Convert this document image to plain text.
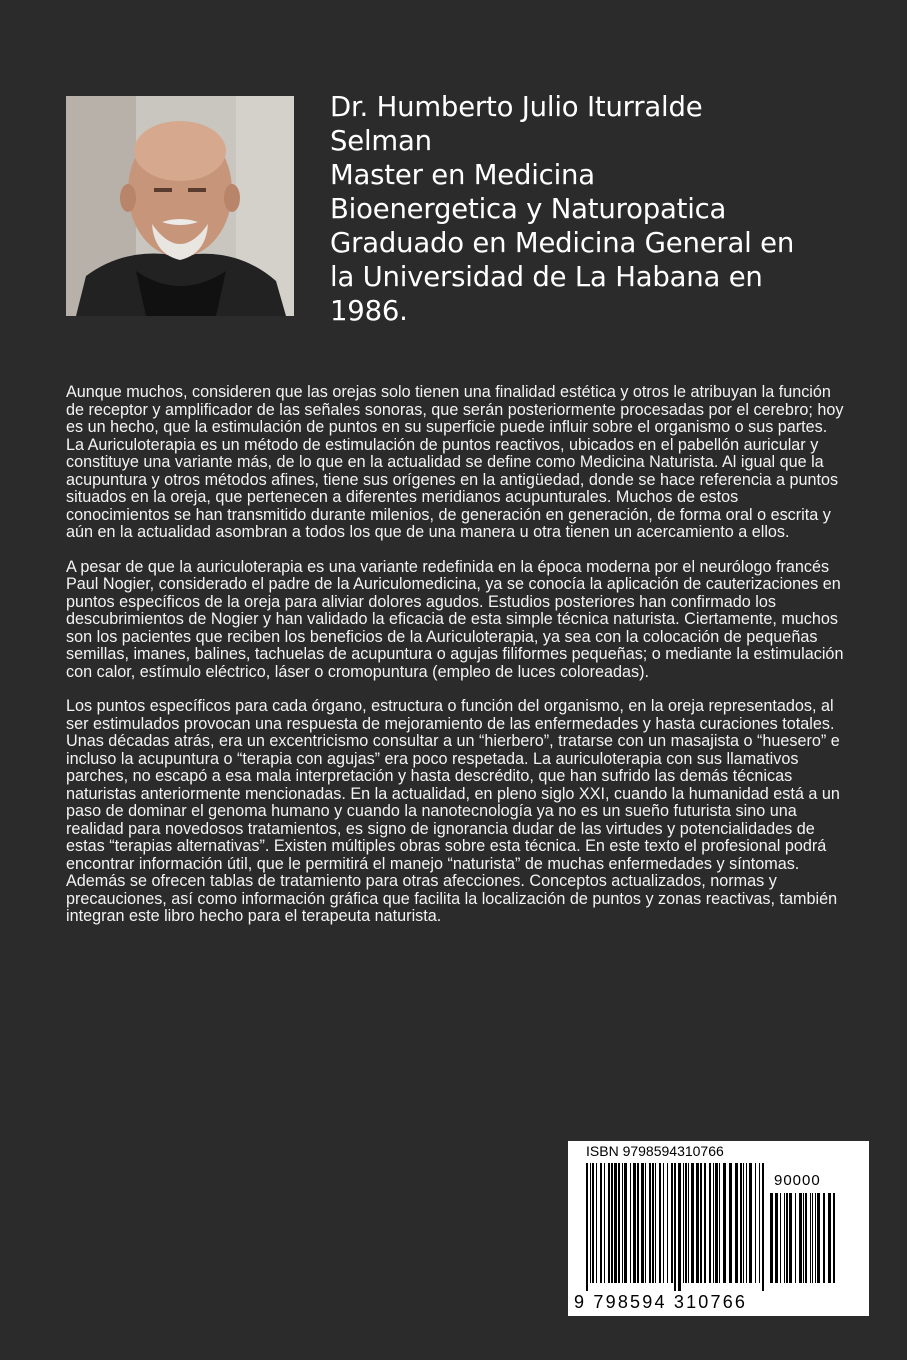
Dr. Humberto Julio Iturralde
Selman
Master en Medicina
Bioenergetica y Naturopatica
Graduado en Medicina General en
la Universidad de La Habana en
1986.

Aunque muchos, consideren que las orejas solo tienen una finalidad estética y otros le atribuyan la función de receptor y amplificador de las señales sonoras, que serán posteriormente procesadas por el cerebro; hoy es un hecho, que la estimulación de puntos en su superficie puede influir sobre el organismo o sus partes. La Auriculoterapia es un método de estimulación de puntos reactivos, ubicados en el pabellón auricular y constituye una variante más, de lo que en la actualidad se define como Medicina Naturista. Al igual que la acupuntura y otros métodos afines, tiene sus orígenes en la antigüedad, donde se hace referencia a puntos situados en la oreja, que pertenecen a diferentes meridianos acupunturales. Muchos de estos conocimientos se han transmitido durante milenios, de generación en generación, de forma oral o escrita y aún en la actualidad asombran a todos los que de una manera u otra tienen un acercamiento a ellos.

A pesar de que la auriculoterapia es una variante redefinida en la época moderna por el neurólogo francés Paul Nogier, considerado el padre de la Auriculomedicina, ya se conocía la aplicación de cauterizaciones en puntos específicos de la oreja para aliviar dolores agudos. Estudios posteriores han confirmado los descubrimientos de Nogier y han validado la eficacia de esta simple técnica naturista. Ciertamente, muchos son los pacientes que reciben los beneficios de la Auriculoterapia, ya sea con la colocación de pequeñas semillas, imanes, balines, tachuelas de acupuntura o agujas filiformes pequeñas; o mediante la estimulación con calor, estímulo eléctrico, láser o cromopuntura (empleo de luces coloreadas).

Los puntos específicos para cada órgano, estructura o función del organismo, en la oreja representados, al ser estimulados provocan una respuesta de mejoramiento de las enfermedades y hasta curaciones totales. Unas décadas atrás, era un excentricismo consultar a un “hierbero”, tratarse con un masajista o “huesero” e incluso la acupuntura o “terapia con agujas” era poco respetada. La auriculoterapia con sus llamativos parches, no escapó a esa mala interpretación y hasta descrédito, que han sufrido las demás técnicas naturistas anteriormente mencionadas. En la actualidad, en pleno siglo XXI, cuando la humanidad está a un paso de dominar el genoma humano y cuando la nanotecnología ya no es un sueño futurista sino una realidad para novedosos tratamientos, es signo de ignorancia dudar de las virtudes y potencialidades de estas “terapias alternativas”. Existen múltiples obras sobre esta técnica. En este texto el profesional podrá encontrar información útil, que le permitirá el manejo “naturista” de muchas enfermedades y síntomas. Además se ofrecen tablas de tratamiento para otras afecciones. Conceptos actualizados, normas y precauciones, así como información gráfica que facilita la localización de puntos y zonas reactivas, también integran este libro hecho para el terapeuta naturista.

ISBN 9798594310766
90000
9 798594 310766
